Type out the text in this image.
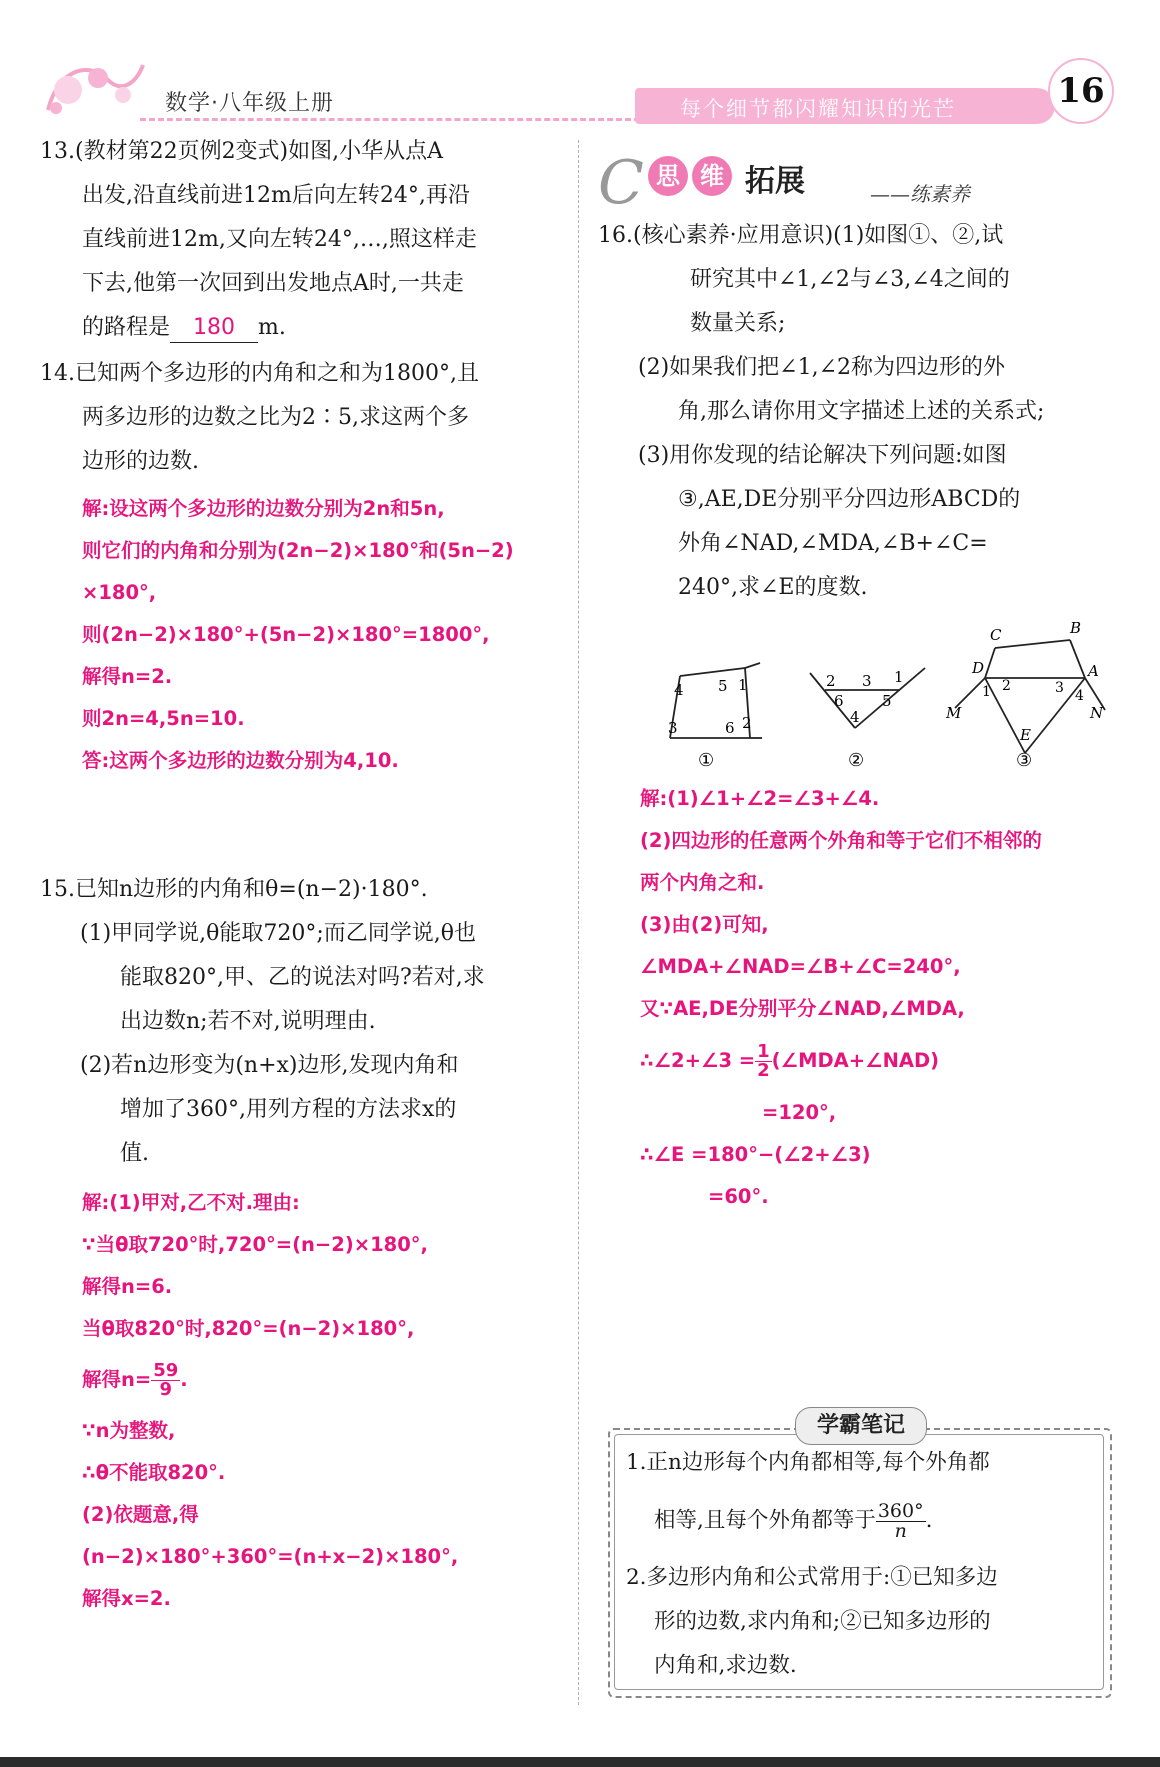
数学·八年级上册	每个细节都闪耀知识的光芒	16
13.(教材第22页例2变式)如图,小华从点A
出发,沿直线前进12m后向左转24°,再沿
直线前进12m,又向左转24°,…,照这样走
下去,他第一次回到出发地点A时,一共走
的路程是 180 m.
14.已知两个多边形的内角和之和为1800°,且
两多边形的边数之比为2∶5,求这两个多
边形的边数.
解:设这两个多边形的边数分别为2n和5n,
则它们的内角和分别为(2n−2)×180°和(5n−2)
×180°,
则(2n−2)×180°+(5n−2)×180°=1800°,
解得n=2.
则2n=4,5n=10.
答:这两个多边形的边数分别为4,10.
15.已知n边形的内角和θ=(n−2)·180°.
(1)甲同学说,θ能取720°;而乙同学说,θ也
能取820°,甲、乙的说法对吗?若对,求
出边数n;若不对,说明理由.
(2)若n边形变为(n+x)边形,发现内角和
增加了360°,用列方程的方法求x的
值.
解:(1)甲对,乙不对.理由:
∵当θ取720°时,720°=(n−2)×180°,
解得n=6.
当θ取820°时,820°=(n−2)×180°,
解得$n= \frac{59}{9}$ .
∵n为整数,
∴θ不能取820°.
(2)依题意,得
(n−2)×180°+360°=(n+x−2)×180°,
解得x=2.
C 思 维 拓展	——练素养
16.(核心素养·应用意识)(1)如图①、②,试
研究其中∠1,∠2与∠3,∠4之间的
数量关系;
(2)如果我们把∠1,∠2称为四边形的外
角,那么请你用文字描述上述的关系式;
(3)用你发现的结论解决下列问题:如图
③,AE,DE分别平分四边形ABCD的
外角∠NAD,∠MDA,∠B+∠C=
240°,求∠E的度数.
4 5 1
3	6 2
①
2 3 1
6	5
4
②
C	B
D	A
M	N
E
1 2	3 4
③
解:(1)∠1+∠2=∠3+∠4.
(2)四边形的任意两个外角和等于它们不相邻的
两个内角之和.
(3)由(2)可知,
∠MDA+∠NAD=∠B+∠C=240°,
又∵AE,DE分别平分∠NAD,∠MDA,
∴∠2+∠3 = $\frac{1}{2}$ (∠MDA+∠NAD)
=120°,
∴∠E =180°−(∠2+∠3)
=60°.
学霸笔记
1.正n边形每个内角都相等,每个外角都
相等,且每个外角都等于 $\frac{360^\circ}{n}$ .
2.多边形内角和公式常用于:①已知多边
形的边数,求内角和;②已知多边形的
内角和,求边数.
